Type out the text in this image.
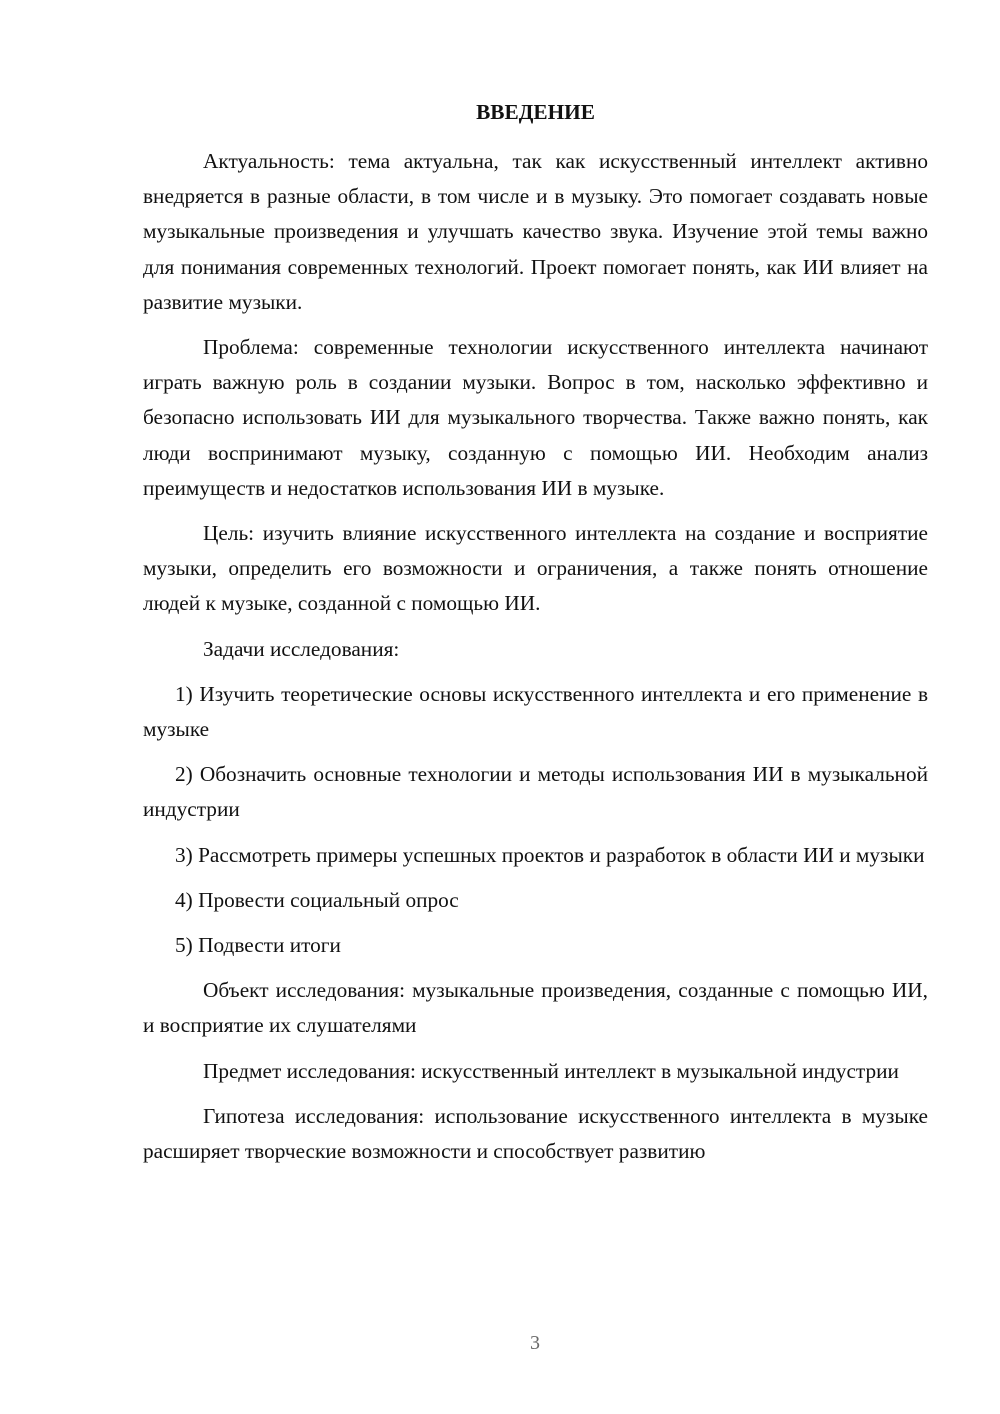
ВВЕДЕНИЕ

Актуальность: тема актуальна, так как искусственный интеллект активно внедряется в разные области, в том числе и в музыку. Это помогает создавать новые музыкальные произведения и улучшать качество звука. Изучение этой темы важно для понимания современных технологий. Проект помогает понять, как ИИ влияет на развитие музыки.

Проблема: современные технологии искусственного интеллекта начинают играть важную роль в создании музыки. Вопрос в том, насколько эффективно и безопасно использовать ИИ для музыкального творчества. Также важно понять, как люди воспринимают музыку, созданную с помощью ИИ. Необходим анализ преимуществ и недостатков использования ИИ в музыке.

Цель: изучить влияние искусственного интеллекта на создание и восприятие музыки, определить его возможности и ограничения, а также понять отношение людей к музыке, созданной с помощью ИИ.

Задачи исследования:

1) Изучить теоретические основы искусственного интеллекта и его применение в музыке

2) Обозначить основные технологии и методы использования ИИ в музыкальной индустрии

3) Рассмотреть примеры успешных проектов и разработок в области ИИ и музыки

4) Провести социальный опрос

5) Подвести итоги

Объект исследования: музыкальные произведения, созданные с помощью ИИ, и восприятие их слушателями

Предмет исследования: искусственный интеллект в музыкальной индустрии

Гипотеза исследования: использование искусственного интеллекта в музыке расширяет творческие возможности и способствует развитию

3
